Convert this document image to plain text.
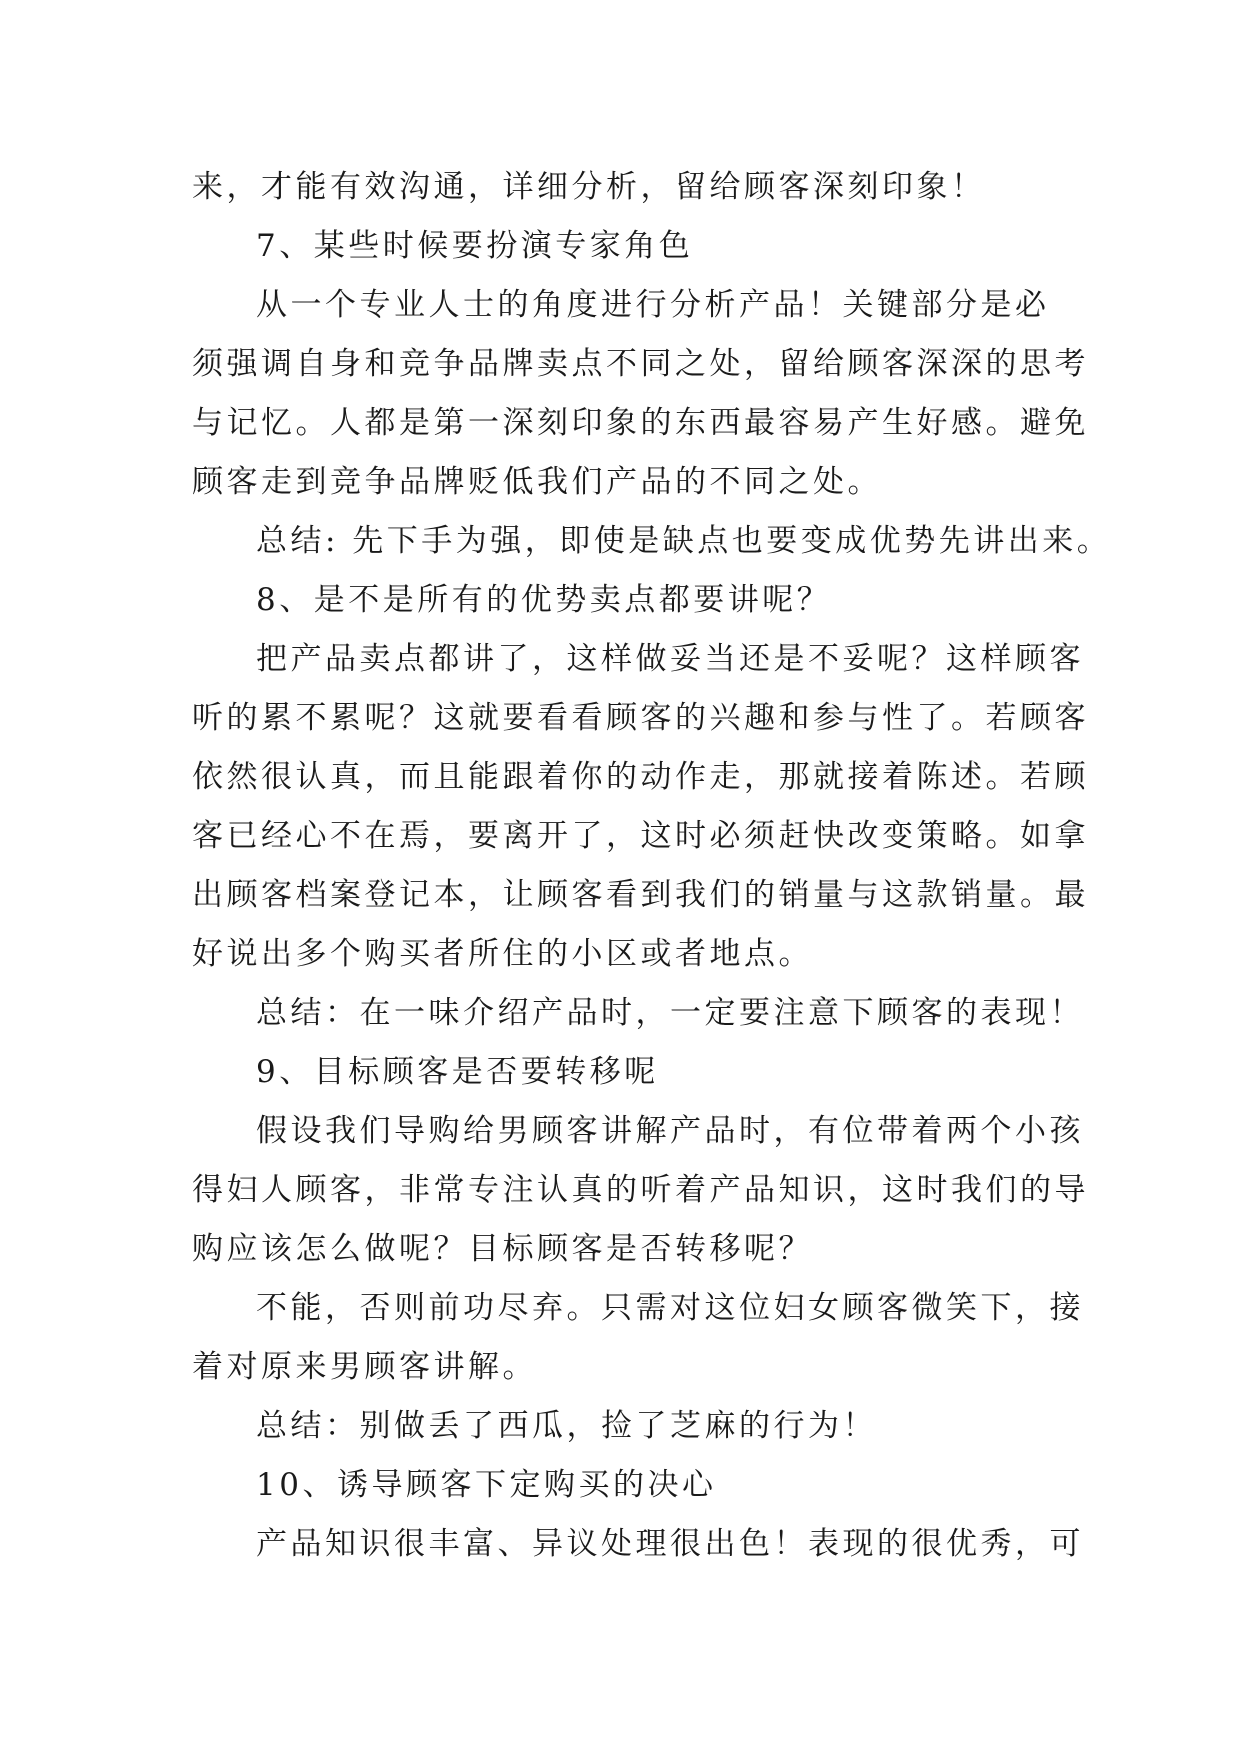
来，才能有效沟通，详细分析，留给顾客深刻印象！
7、某些时候要扮演专家角色
从一个专业人士的角度进行分析产品！关键部分是必
须强调自身和竞争品牌卖点不同之处，留给顾客深深的思考
与记忆。人都是第一深刻印象的东西最容易产生好感。避免
顾客走到竞争品牌贬低我们产品的不同之处。
总结: 先下手为强，即使是缺点也要变成优势先讲出来。
8、是不是所有的优势卖点都要讲呢？
把产品卖点都讲了，这样做妥当还是不妥呢？这样顾客
听的累不累呢？这就要看看顾客的兴趣和参与性了。若顾客
依然很认真，而且能跟着你的动作走，那就接着陈述。若顾
客已经心不在焉，要离开了，这时必须赶快改变策略。如拿
出顾客档案登记本，让顾客看到我们的销量与这款销量。最
好说出多个购买者所住的小区或者地点。
总结：在一味介绍产品时，一定要注意下顾客的表现！
9、目标顾客是否要转移呢
假设我们导购给男顾客讲解产品时，有位带着两个小孩
得妇人顾客，非常专注认真的听着产品知识，这时我们的导
购应该怎么做呢？目标顾客是否转移呢？
不能，否则前功尽弃。只需对这位妇女顾客微笑下，接
着对原来男顾客讲解。
总结：别做丢了西瓜，捡了芝麻的行为！
10、诱导顾客下定购买的决心
产品知识很丰富、异议处理很出色！表现的很优秀，可
